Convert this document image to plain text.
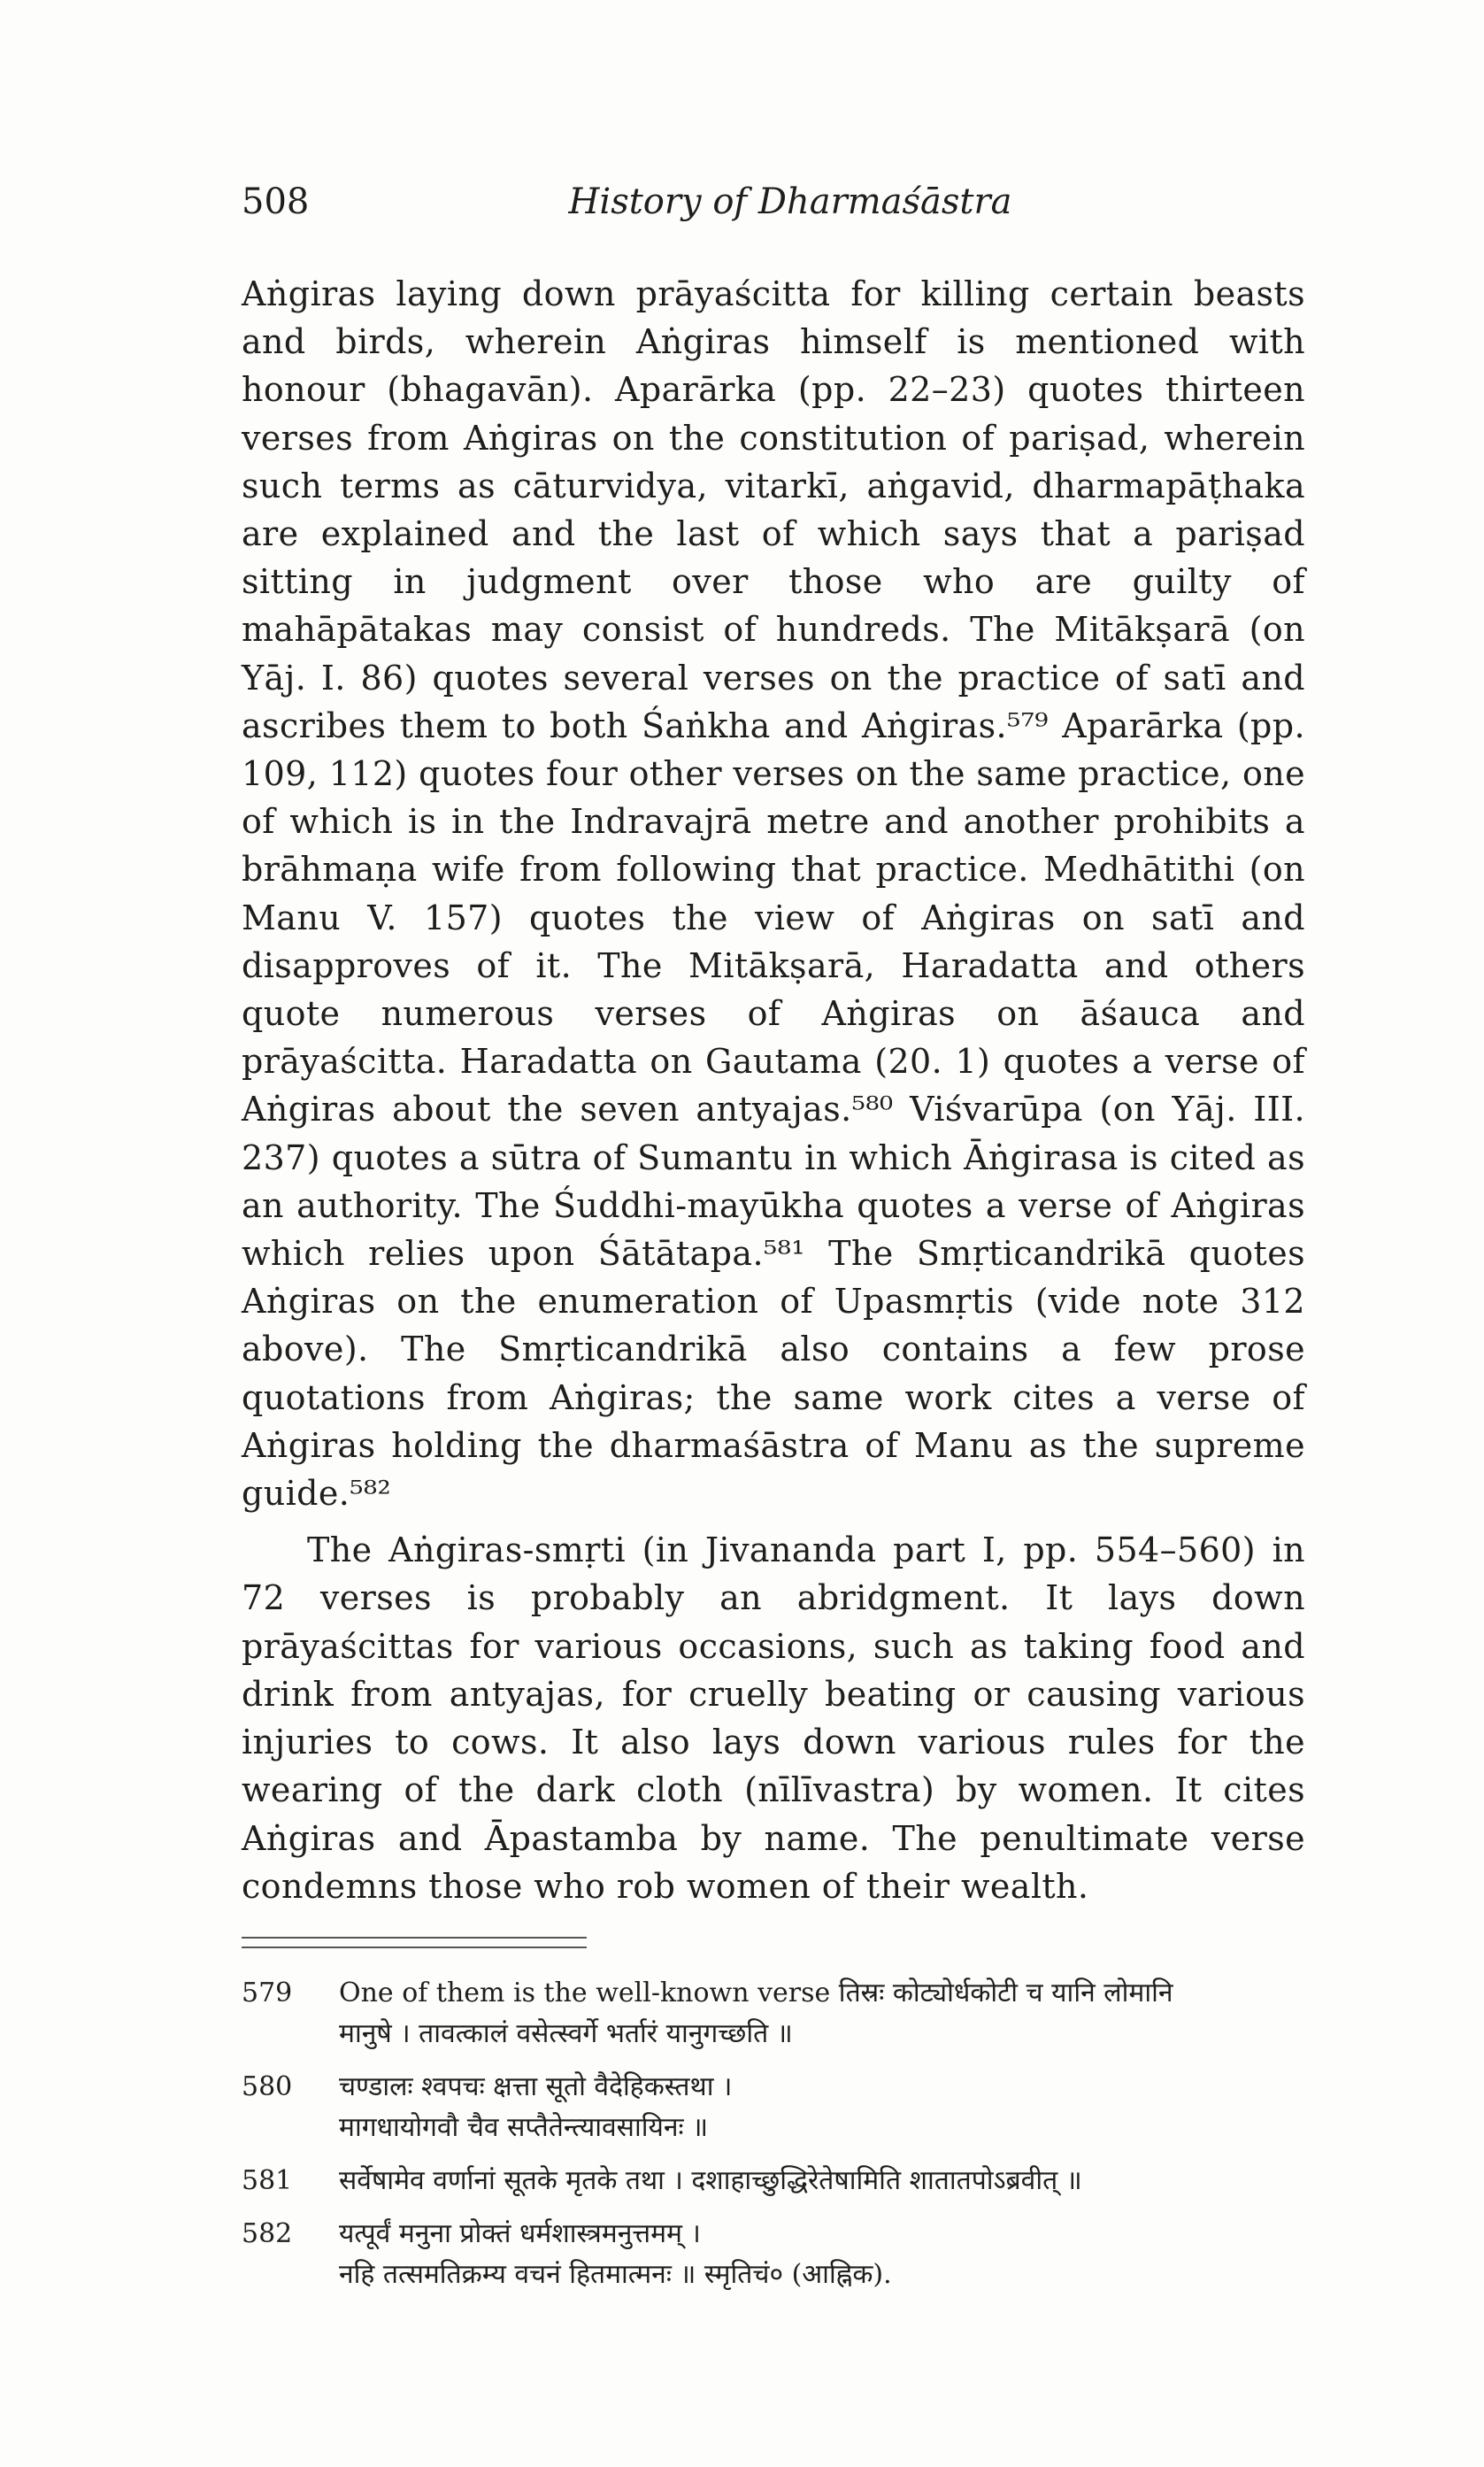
508	History of Dharmaśāstra

Aṅgiras laying down prāyaścitta for killing certain beasts and birds, wherein Aṅgiras himself is mentioned with honour (bhagavān). Aparārka (pp. 22–23) quotes thirteen verses from Aṅgiras on the constitution of pariṣad, wherein such terms as cāturvidya, vitarkī, aṅgavid, dharmapāṭhaka are explained and the last of which says that a pariṣad sitting in judgment over those who are guilty of mahāpātakas may consist of hundreds. The Mitākṣarā (on Yāj. I. 86) quotes several verses on the practice of satī and ascribes them to both Śaṅkha and Aṅgiras.⁵⁷⁹ Aparārka (pp. 109, 112) quotes four other verses on the same practice, one of which is in the Indravajrā metre and another prohibits a brāhmaṇa wife from following that practice. Medhātithi (on Manu V. 157) quotes the view of Aṅgiras on satī and disapproves of it. The Mitākṣarā, Haradatta and others quote numerous verses of Aṅgiras on āśauca and prāyaścitta. Haradatta on Gautama (20. 1) quotes a verse of Aṅgiras about the seven antyajas.⁵⁸⁰ Viśvarūpa (on Yāj. III. 237) quotes a sūtra of Sumantu in which Āṅgirasa is cited as an authority. The Śuddhi-mayūkha quotes a verse of Aṅgiras which relies upon Śātātapa.⁵⁸¹ The Smṛticandrikā quotes Aṅgiras on the enumeration of Upasmṛtis (vide note 312 above). The Smṛticandrikā also contains a few prose quotations from Aṅgiras; the same work cites a verse of Aṅgiras holding the dharmaśāstra of Manu as the supreme guide.⁵⁸²

The Aṅgiras-smṛti (in Jivananda part I, pp. 554–560) in 72 verses is probably an abridgment. It lays down prāyaścittas for various occasions, such as taking food and drink from antyajas, for cruelly beating or causing various injuries to cows. It also lays down various rules for the wearing of the dark cloth (nīlīvastra) by women. It cites Aṅgiras and Āpastamba by name. The penultimate verse condemns those who rob women of their wealth.

579	One of them is the well-known verse तिस्रः कोट्योर्धकोटी च यानि लोमानि
मानुषे । तावत्कालं वसेत्स्वर्गे भर्तारं यानुगच्छति ॥
580	चण्डालः श्वपचः क्षत्ता सूतो वैदेहिकस्तथा ।
मागधायोगवौ चैव सप्तैतेन्त्यावसायिनः ॥
581	सर्वेषामेव वर्णानां सूतके मृतके तथा । दशाहाच्छुद्धिरेतेषामिति शातातपोऽब्रवीत् ॥
582	यत्पूर्वं मनुना प्रोक्तं धर्मशास्त्रमनुत्तमम् ।
नहि तत्समतिक्रम्य वचनं हितमात्मनः ॥ स्मृतिचं० (आह्निक).
